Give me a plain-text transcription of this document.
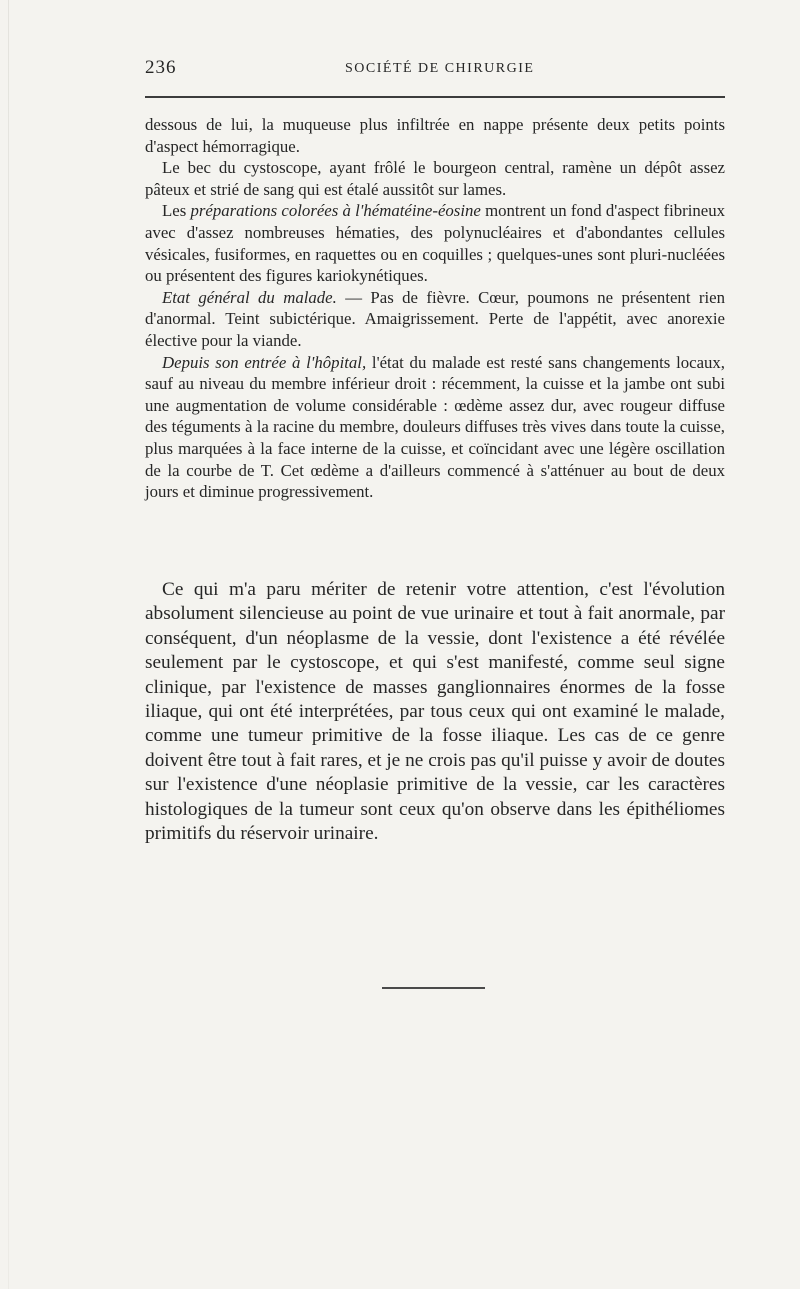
236	SOCIÉTÉ DE CHIRURGIE

dessous de lui, la muqueuse plus infiltrée en nappe présente deux petits points d'aspect hémorragique.

Le bec du cystoscope, ayant frôlé le bourgeon central, ramène un dépôt assez pâteux et strié de sang qui est étalé aussitôt sur lames.

Les préparations colorées à l'hématéine-éosine montrent un fond d'aspect fibrineux avec d'assez nombreuses hématies, des polynucléaires et d'abondantes cellules vésicales, fusiformes, en raquettes ou en coquilles ; quelques-unes sont pluri-nucléées ou présentent des figures kariokynétiques.

Etat général du malade. — Pas de fièvre. Cœur, poumons ne présentent rien d'anormal. Teint subictérique. Amaigrissement. Perte de l'appétit, avec anorexie élective pour la viande.

Depuis son entrée à l'hôpital, l'état du malade est resté sans changements locaux, sauf au niveau du membre inférieur droit : récemment, la cuisse et la jambe ont subi une augmentation de volume considérable : œdème assez dur, avec rougeur diffuse des téguments à la racine du membre, douleurs diffuses très vives dans toute la cuisse, plus marquées à la face interne de la cuisse, et coïncidant avec une légère oscillation de la courbe de T. Cet œdème a d'ailleurs commencé à s'atténuer au bout de deux jours et diminue progressivement.

Ce qui m'a paru mériter de retenir votre attention, c'est l'évolution absolument silencieuse au point de vue urinaire et tout à fait anormale, par conséquent, d'un néoplasme de la vessie, dont l'existence a été révélée seulement par le cystoscope, et qui s'est manifesté, comme seul signe clinique, par l'existence de masses ganglionnaires énormes de la fosse iliaque, qui ont été interprétées, par tous ceux qui ont examiné le malade, comme une tumeur primitive de la fosse iliaque. Les cas de ce genre doivent être tout à fait rares, et je ne crois pas qu'il puisse y avoir de doutes sur l'existence d'une néoplasie primitive de la vessie, car les caractères histologiques de la tumeur sont ceux qu'on observe dans les épithéliomes primitifs du réservoir urinaire.
